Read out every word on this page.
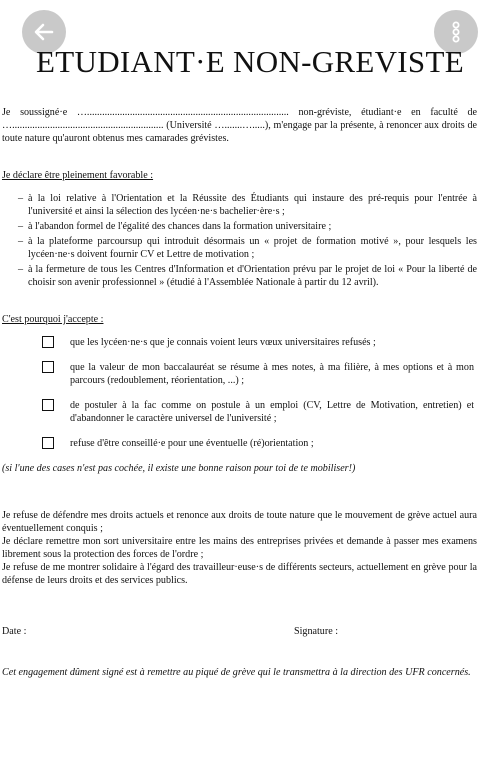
ETUDIANT·E NON-GREVISTE

Je soussigné·e …................................................................................ non-gréviste, étudiant·e en faculté de …............................................................ (Université ….......….....), m'engage par la présente, à renoncer aux droits de toute nature qu'auront obtenus mes camarades grévistes.

Je déclare être pleinement favorable :
– à la loi relative à l'Orientation et la Réussite des Étudiants qui instaure des pré-requis pour l'entrée à l'université et ainsi la sélection des lycéen·ne·s bachelier·ère·s ;
– à l'abandon formel de l'égalité des chances dans la formation universitaire ;
– à la plateforme parcoursup qui introduit désormais un « projet de formation motivé », pour lesquels les lycéen·ne·s doivent fournir CV et Lettre de motivation ;
– à la fermeture de tous les Centres d'Information et d'Orientation prévu par le projet de loi « Pour la liberté de choisir son avenir professionnel » (étudié à l'Assemblée Nationale à partir du 12 avril).
C'est pourquoi j'accepte :
que les lycéen·ne·s que je connais voient leurs vœux universitaires refusés ;
que la valeur de mon baccalauréat se résume à mes notes, à ma filière, à mes options et à mon parcours (redoublement, réorientation, ...) ;
de postuler à la fac comme on postule à un emploi (CV, Lettre de Motivation, entretien) et d'abandonner le caractère universel de l'université ;
refuse d'être conseillé·e pour une éventuelle (ré)orientation ;
(si l'une des cases n'est pas cochée, il existe une bonne raison pour toi de te mobiliser!)

Je refuse de défendre mes droits actuels et renonce aux droits de toute nature que le mouvement de grève actuel aura éventuellement conquis ;

Je déclare remettre mon sort universitaire entre les mains des entreprises privées et demande à passer mes examens librement sous la protection des forces de l'ordre ;

Je refuse de me montrer solidaire à l'égard des travailleur·euse·s de différents secteurs, actuellement en grève pour la défense de leurs droits et des services publics.

Date :	Signature :

Cet engagement dûment signé est à remettre au piqué de grève qui le transmettra à la direction des UFR concernés.
